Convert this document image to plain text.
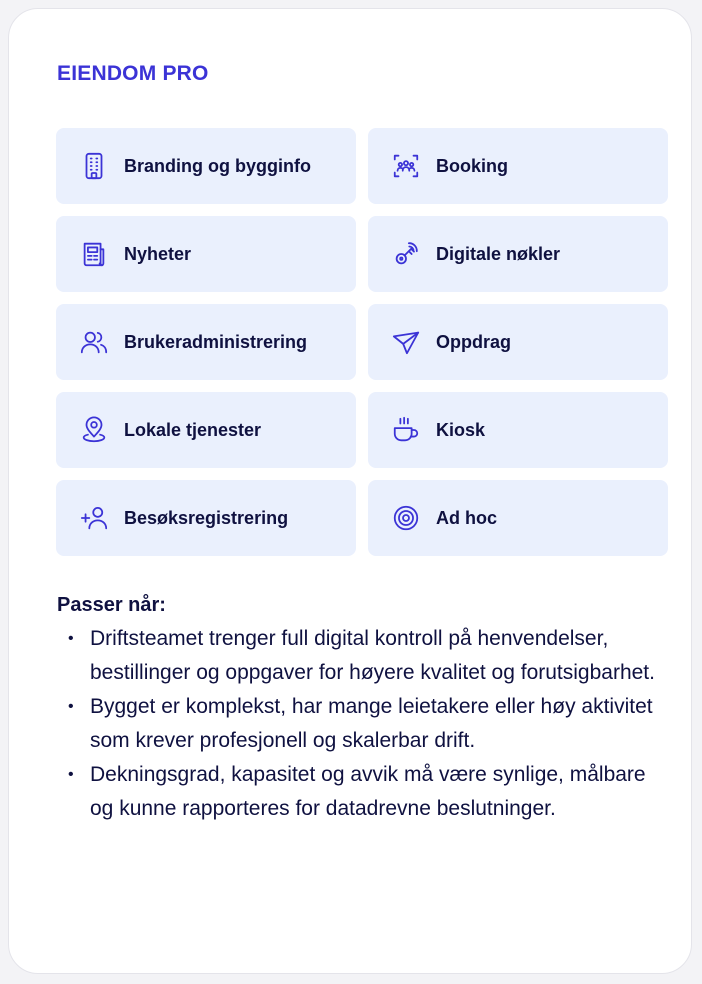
EIENDOM PRO
Branding og bygginfo	Booking
Nyheter	Digitale nøkler
Brukeradministrering	Oppdrag
Lokale tjenester	Kiosk
Besøksregistrering	Ad hoc
Passer når:
• Driftsteamet trenger full digital kontroll på henvendelser, bestillinger og oppgaver for høyere kvalitet og forutsigbarhet.
• Bygget er komplekst, har mange leietakere eller høy aktivitet som krever profesjonell og skalerbar drift.
• Dekningsgrad, kapasitet og avvik må være synlige, målbare og kunne rapporteres for datadrevne beslutninger.
